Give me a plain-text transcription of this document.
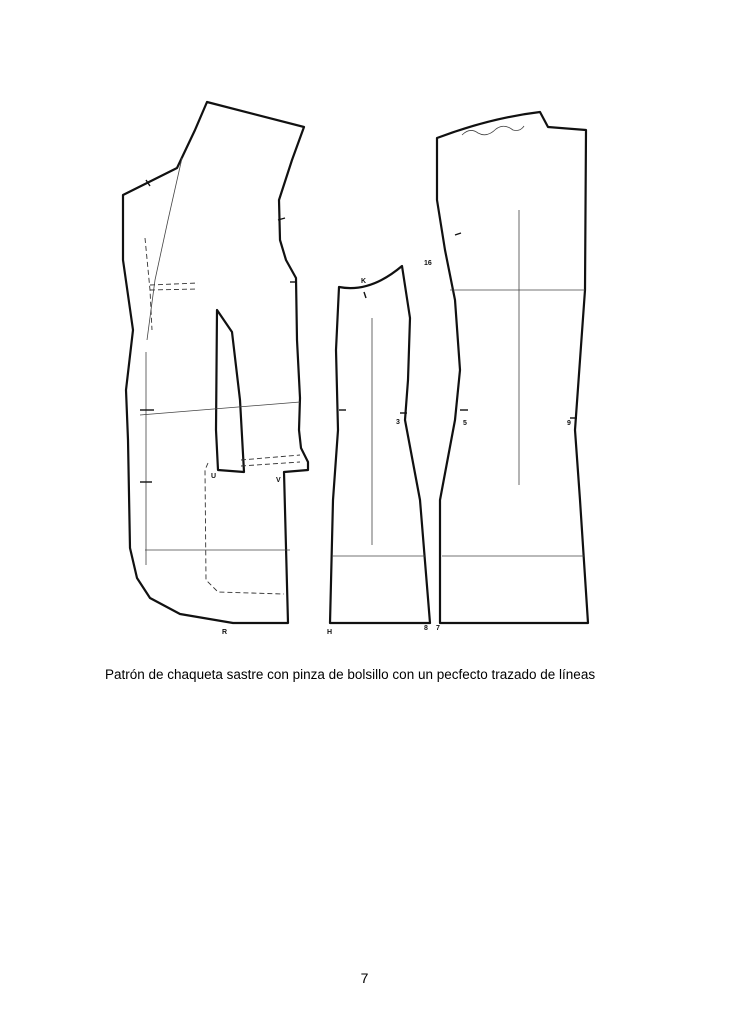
U
V
R
K
3
H
8
16
5	9
7
Patrón de chaqueta sastre con pinza de bolsillo con un pecfecto trazado de líneas
7
